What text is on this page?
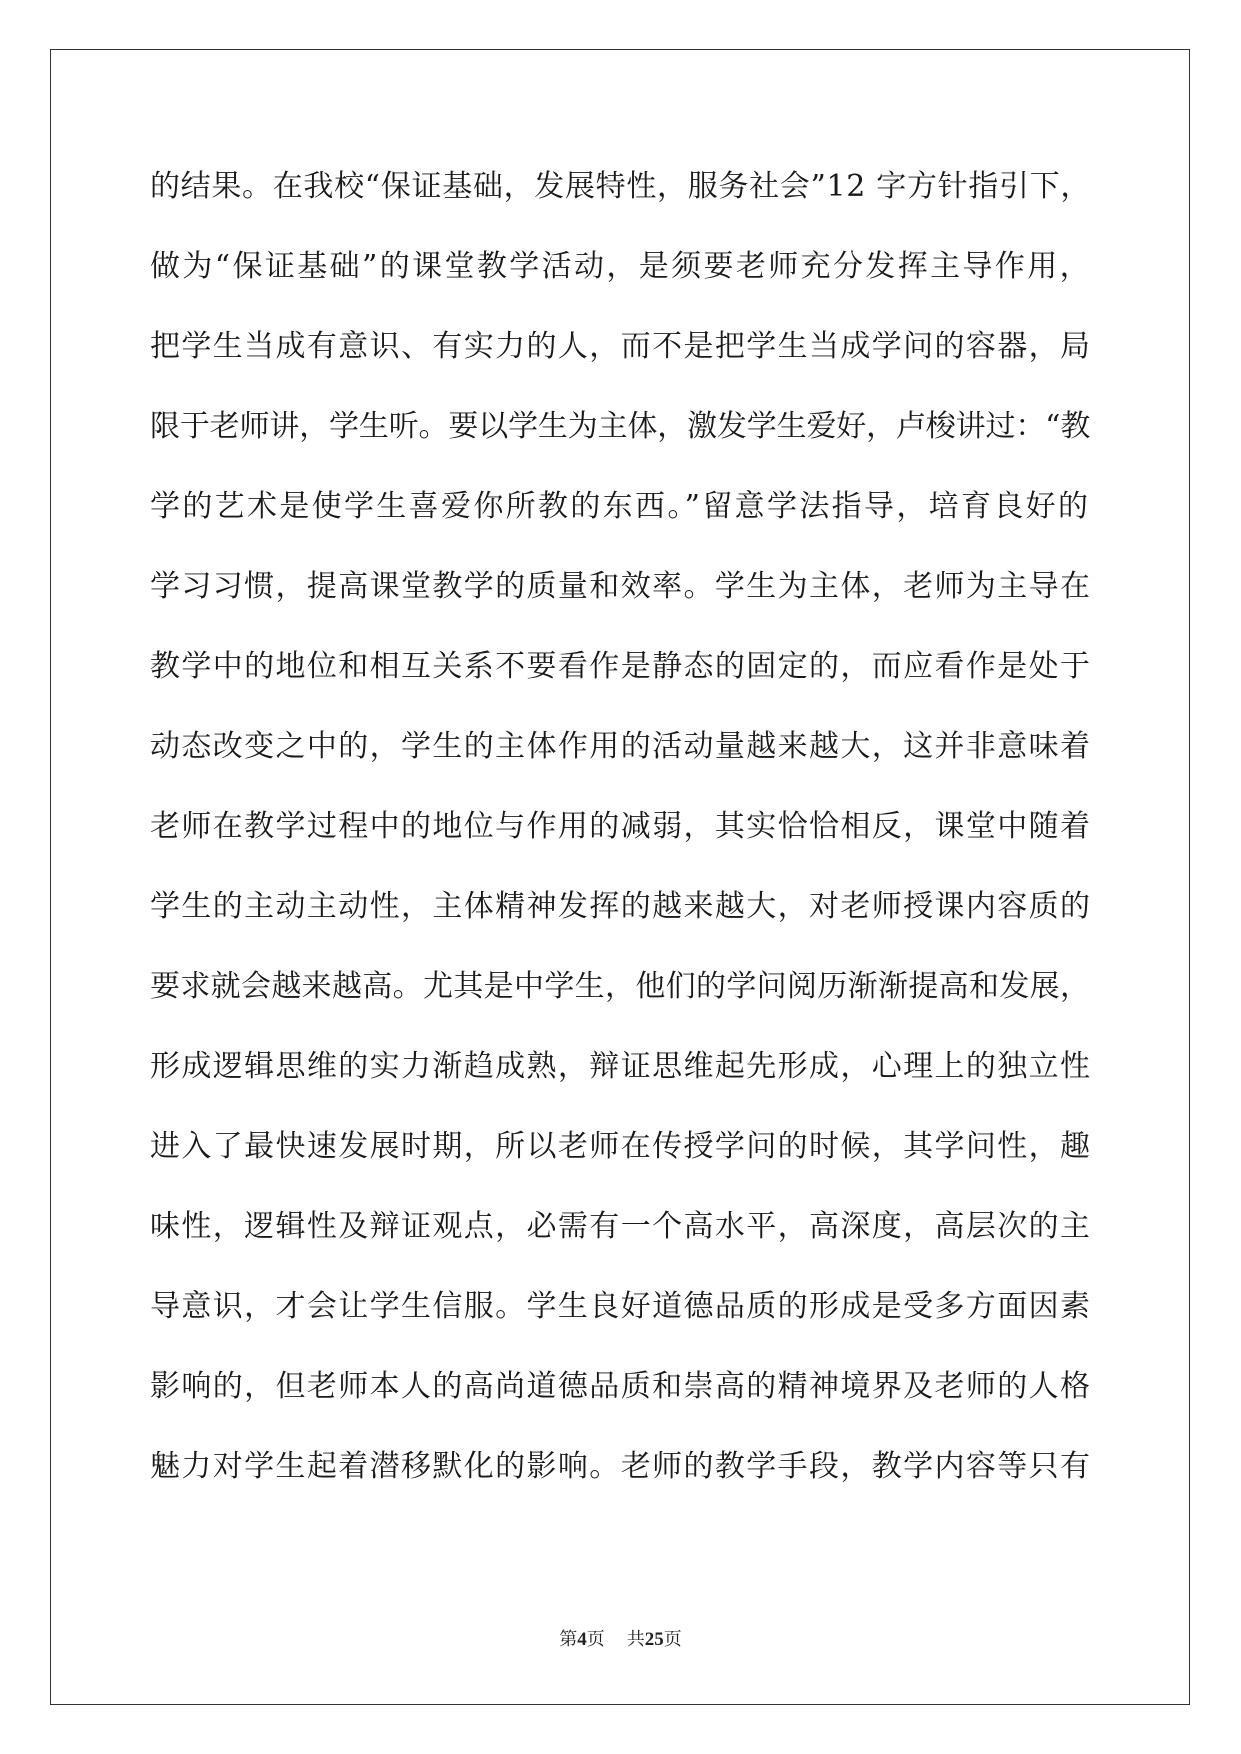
的结果。在我校“保证基础，发展特性，服务社会”12 字方针指引下，
做为“保证基础”的课堂教学活动，是须要老师充分发挥主导作用，
把学生当成有意识、有实力的人，而不是把学生当成学问的容器，局
限于老师讲，学生听。要以学生为主体，激发学生爱好，卢梭讲过：“教
学的艺术是使学生喜爱你所教的东西。”留意学法指导，培育良好的
学习习惯，提高课堂教学的质量和效率。学生为主体，老师为主导在
教学中的地位和相互关系不要看作是静态的固定的，而应看作是处于
动态改变之中的，学生的主体作用的活动量越来越大，这并非意味着
老师在教学过程中的地位与作用的减弱，其实恰恰相反，课堂中随着
学生的主动主动性，主体精神发挥的越来越大，对老师授课内容质的
要求就会越来越高。尤其是中学生，他们的学问阅历渐渐提高和发展，
形成逻辑思维的实力渐趋成熟，辩证思维起先形成，心理上的独立性
进入了最快速发展时期，所以老师在传授学问的时候，其学问性，趣
味性，逻辑性及辩证观点，必需有一个高水平，高深度，高层次的主
导意识，才会让学生信服。学生良好道德品质的形成是受多方面因素
影响的，但老师本人的高尚道德品质和崇高的精神境界及老师的人格
魅力对学生起着潜移默化的影响。老师的教学手段，教学内容等只有
第4页 共25页
